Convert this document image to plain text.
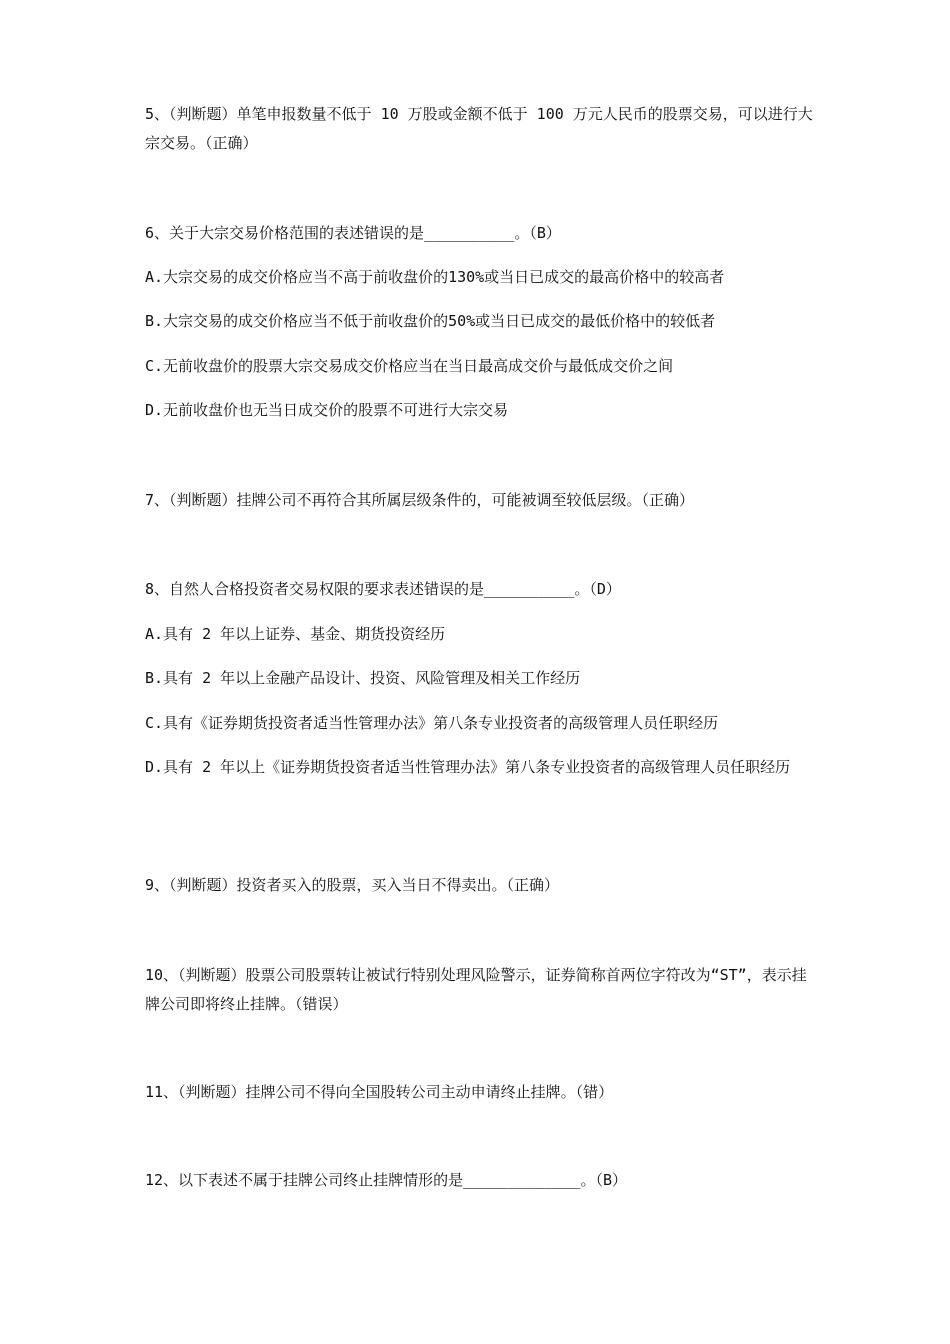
5、（判断题）单笔申报数量不低于 10 万股或金额不低于 100 万元人民币的股票交易，可以进行大宗交易。（正确）
6、关于大宗交易价格范围的表述错误的是__________。（B）
A.大宗交易的成交价格应当不高于前收盘价的130%或当日已成交的最高价格中的较高者
B.大宗交易的成交价格应当不低于前收盘价的50%或当日已成交的最低价格中的较低者
C.无前收盘价的股票大宗交易成交价格应当在当日最高成交价与最低成交价之间
D.无前收盘价也无当日成交价的股票不可进行大宗交易
7、（判断题）挂牌公司不再符合其所属层级条件的，可能被调至较低层级。（正确）
8、自然人合格投资者交易权限的要求表述错误的是__________。（D）
A.具有 2 年以上证券、基金、期货投资经历
B.具有 2 年以上金融产品设计、投资、风险管理及相关工作经历
C.具有《证券期货投资者适当性管理办法》第八条专业投资者的高级管理人员任职经历
D.具有 2 年以上《证券期货投资者适当性管理办法》第八条专业投资者的高级管理人员任职经历
9、（判断题）投资者买入的股票，买入当日不得卖出。（正确）
10、（判断题）股票公司股票转让被试行特别处理风险警示，证券简称首两位字符改为“ST”，表示挂牌公司即将终止挂牌。（错误）
11、（判断题）挂牌公司不得向全国股转公司主动申请终止挂牌。（错）
12、以下表述不属于挂牌公司终止挂牌情形的是_____________。（B）
